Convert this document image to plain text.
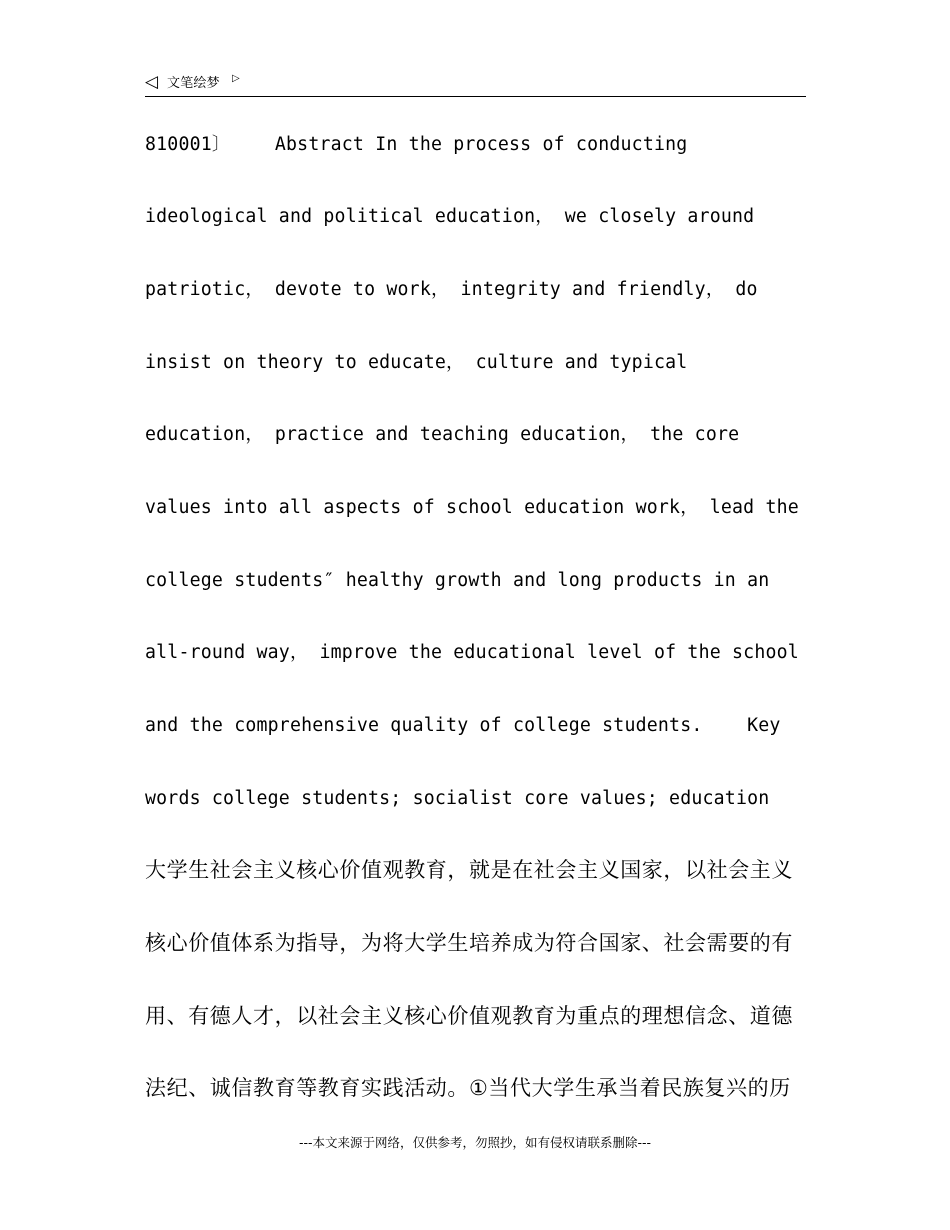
◁ 文笔绘梦 ▷
810001〕    Abstract In the process of conducting
ideological and political education， we closely around
patriotic， devote to work， integrity and friendly， do
insist on theory to educate， culture and typical
education， practice and teaching education， the core
values into all aspects of school education work， lead the
college students″ healthy growth and long products in an
all-round way， improve the educational level of the school
and the comprehensive quality of college students.    Key
words college students; socialist core values; education
大学生社会主义核心价值观教育，就是在社会主义国家，以社会主义
核心价值体系为指导，为将大学生培养成为符合国家、社会需要的有
用、有德人才，以社会主义核心价值观教育为重点的理想信念、道德
法纪、诚信教育等教育实践活动。①当代大学生承当着民族复兴的历
---本文来源于网络，仅供参考，勿照抄，如有侵权请联系删除---
